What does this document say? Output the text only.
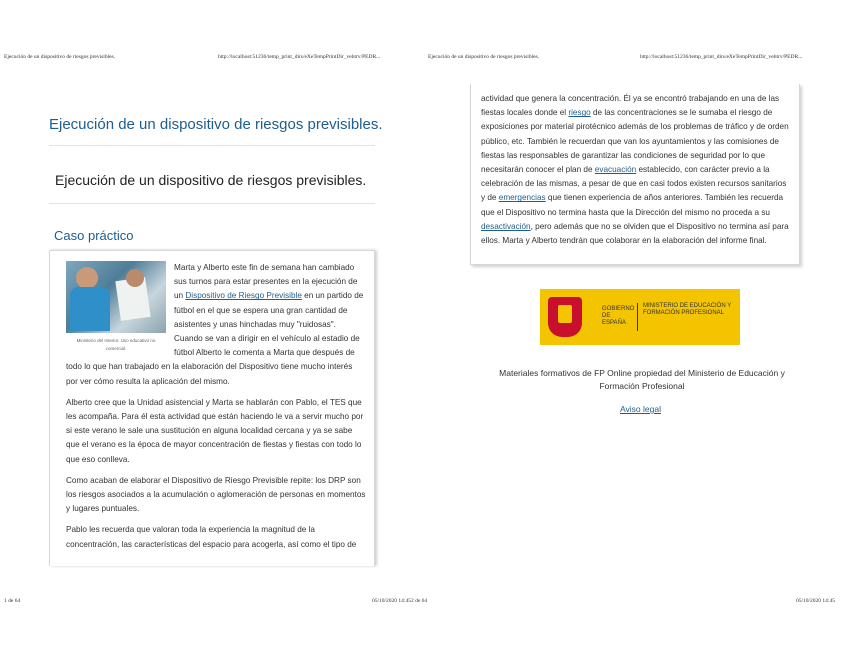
Ejecución de un dispositivo de riesgos previsibles.	http://localhost:51236/temp_print_dirs/eXeTempPrintDir_vehtrv/PEDR...	Ejecución de un dispositivo de riesgos previsibles.	http://localhost:51236/temp_print_dirs/eXeTempPrintDir_vehtrv/PEDR...
Ejecución de un dispositivo de riesgos previsibles.
Ejecución de un dispositivo de riesgos previsibles.
Caso práctico
Ministerio del Interior. Uso educativo no comercial.

Marta y Alberto este fin de semana han cambiado sus turnos para estar presentes en la ejecución de un Dispositivo de Riesgo Previsible en un partido de fútbol en el que se espera una gran cantidad de asistentes y unas hinchadas muy "ruidosas". Cuando se van a dirigir en el vehículo al estadio de fútbol Alberto le comenta a Marta que después de todo lo que han trabajado en la elaboración del Dispositivo tiene mucho interés por ver cómo resulta la aplicación del mismo.

Alberto cree que la Unidad asistencial y Marta se hablarán con Pablo, el TES que les acompaña. Para él esta actividad que están haciendo le va a servir mucho por si este verano le sale una sustitución en alguna localidad cercana y ya se sabe que el verano es la época de mayor concentración de fiestas y fiestas con todo lo que eso conlleva.

Como acaban de elaborar el Dispositivo de Riesgo Previsible repite: los DRP son los riesgos asociados a la acumulación o aglomeración de personas en momentos y lugares puntuales.

Pablo les recuerda que valoran toda la experiencia la magnitud de la concentración, las características del espacio para acogerla, así como el tipo de

actividad que genera la concentración. Él ya se encontró trabajando en una de las fiestas locales donde el riesgo de las concentraciones se le sumaba el riesgo de exposiciones por material pirotécnico además de los problemas de tráfico y de orden público, etc. También le recuerdan que van los ayuntamientos y las comisiones de fiestas las responsables de garantizar las condiciones de seguridad por lo que necesitarán conocer el plan de evacuación establecido, con carácter previo a la celebración de las mismas, a pesar de que en casi todos existen recursos sanitarios y de emergencias que tienen experiencia de años anteriores. También les recuerda que el Dispositivo no termina hasta que la Dirección del mismo no proceda a su desactivación, pero además que no se olviden que el Dispositivo no termina así para ellos. Marta y Alberto tendrán que colaborar en la elaboración del informe final.

GOBIERNO DE ESPAÑA
MINISTERIO DE EDUCACIÓN Y FORMACIÓN PROFESIONAL
Materiales formativos de FP Online propiedad del Ministerio de Educación y Formación Profesional
Aviso legal
1 de 64	05/10/2020 14:452 de 64	05/10/2020 14:45
